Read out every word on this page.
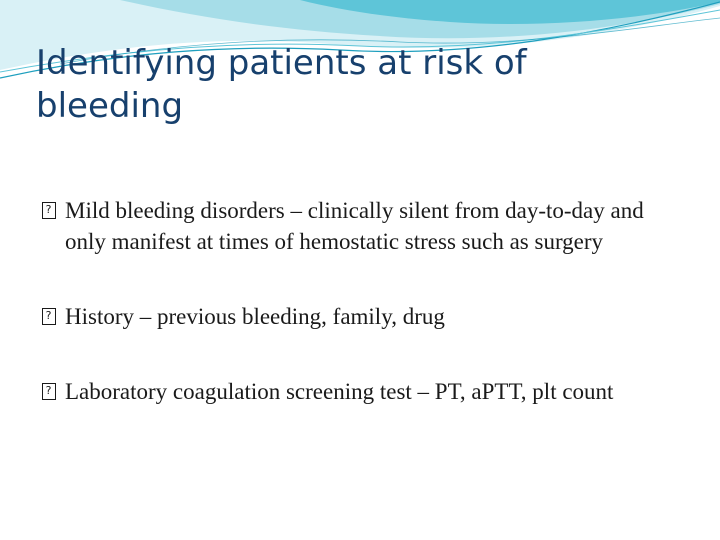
Identifying patients at risk of bleeding
?
Mild bleeding disorders – clinically silent from day-to-day and only manifest at times of hemostatic stress such as surgery
?
History – previous bleeding, family, drug
?
Laboratory coagulation screening test – PT, aPTT, plt count
